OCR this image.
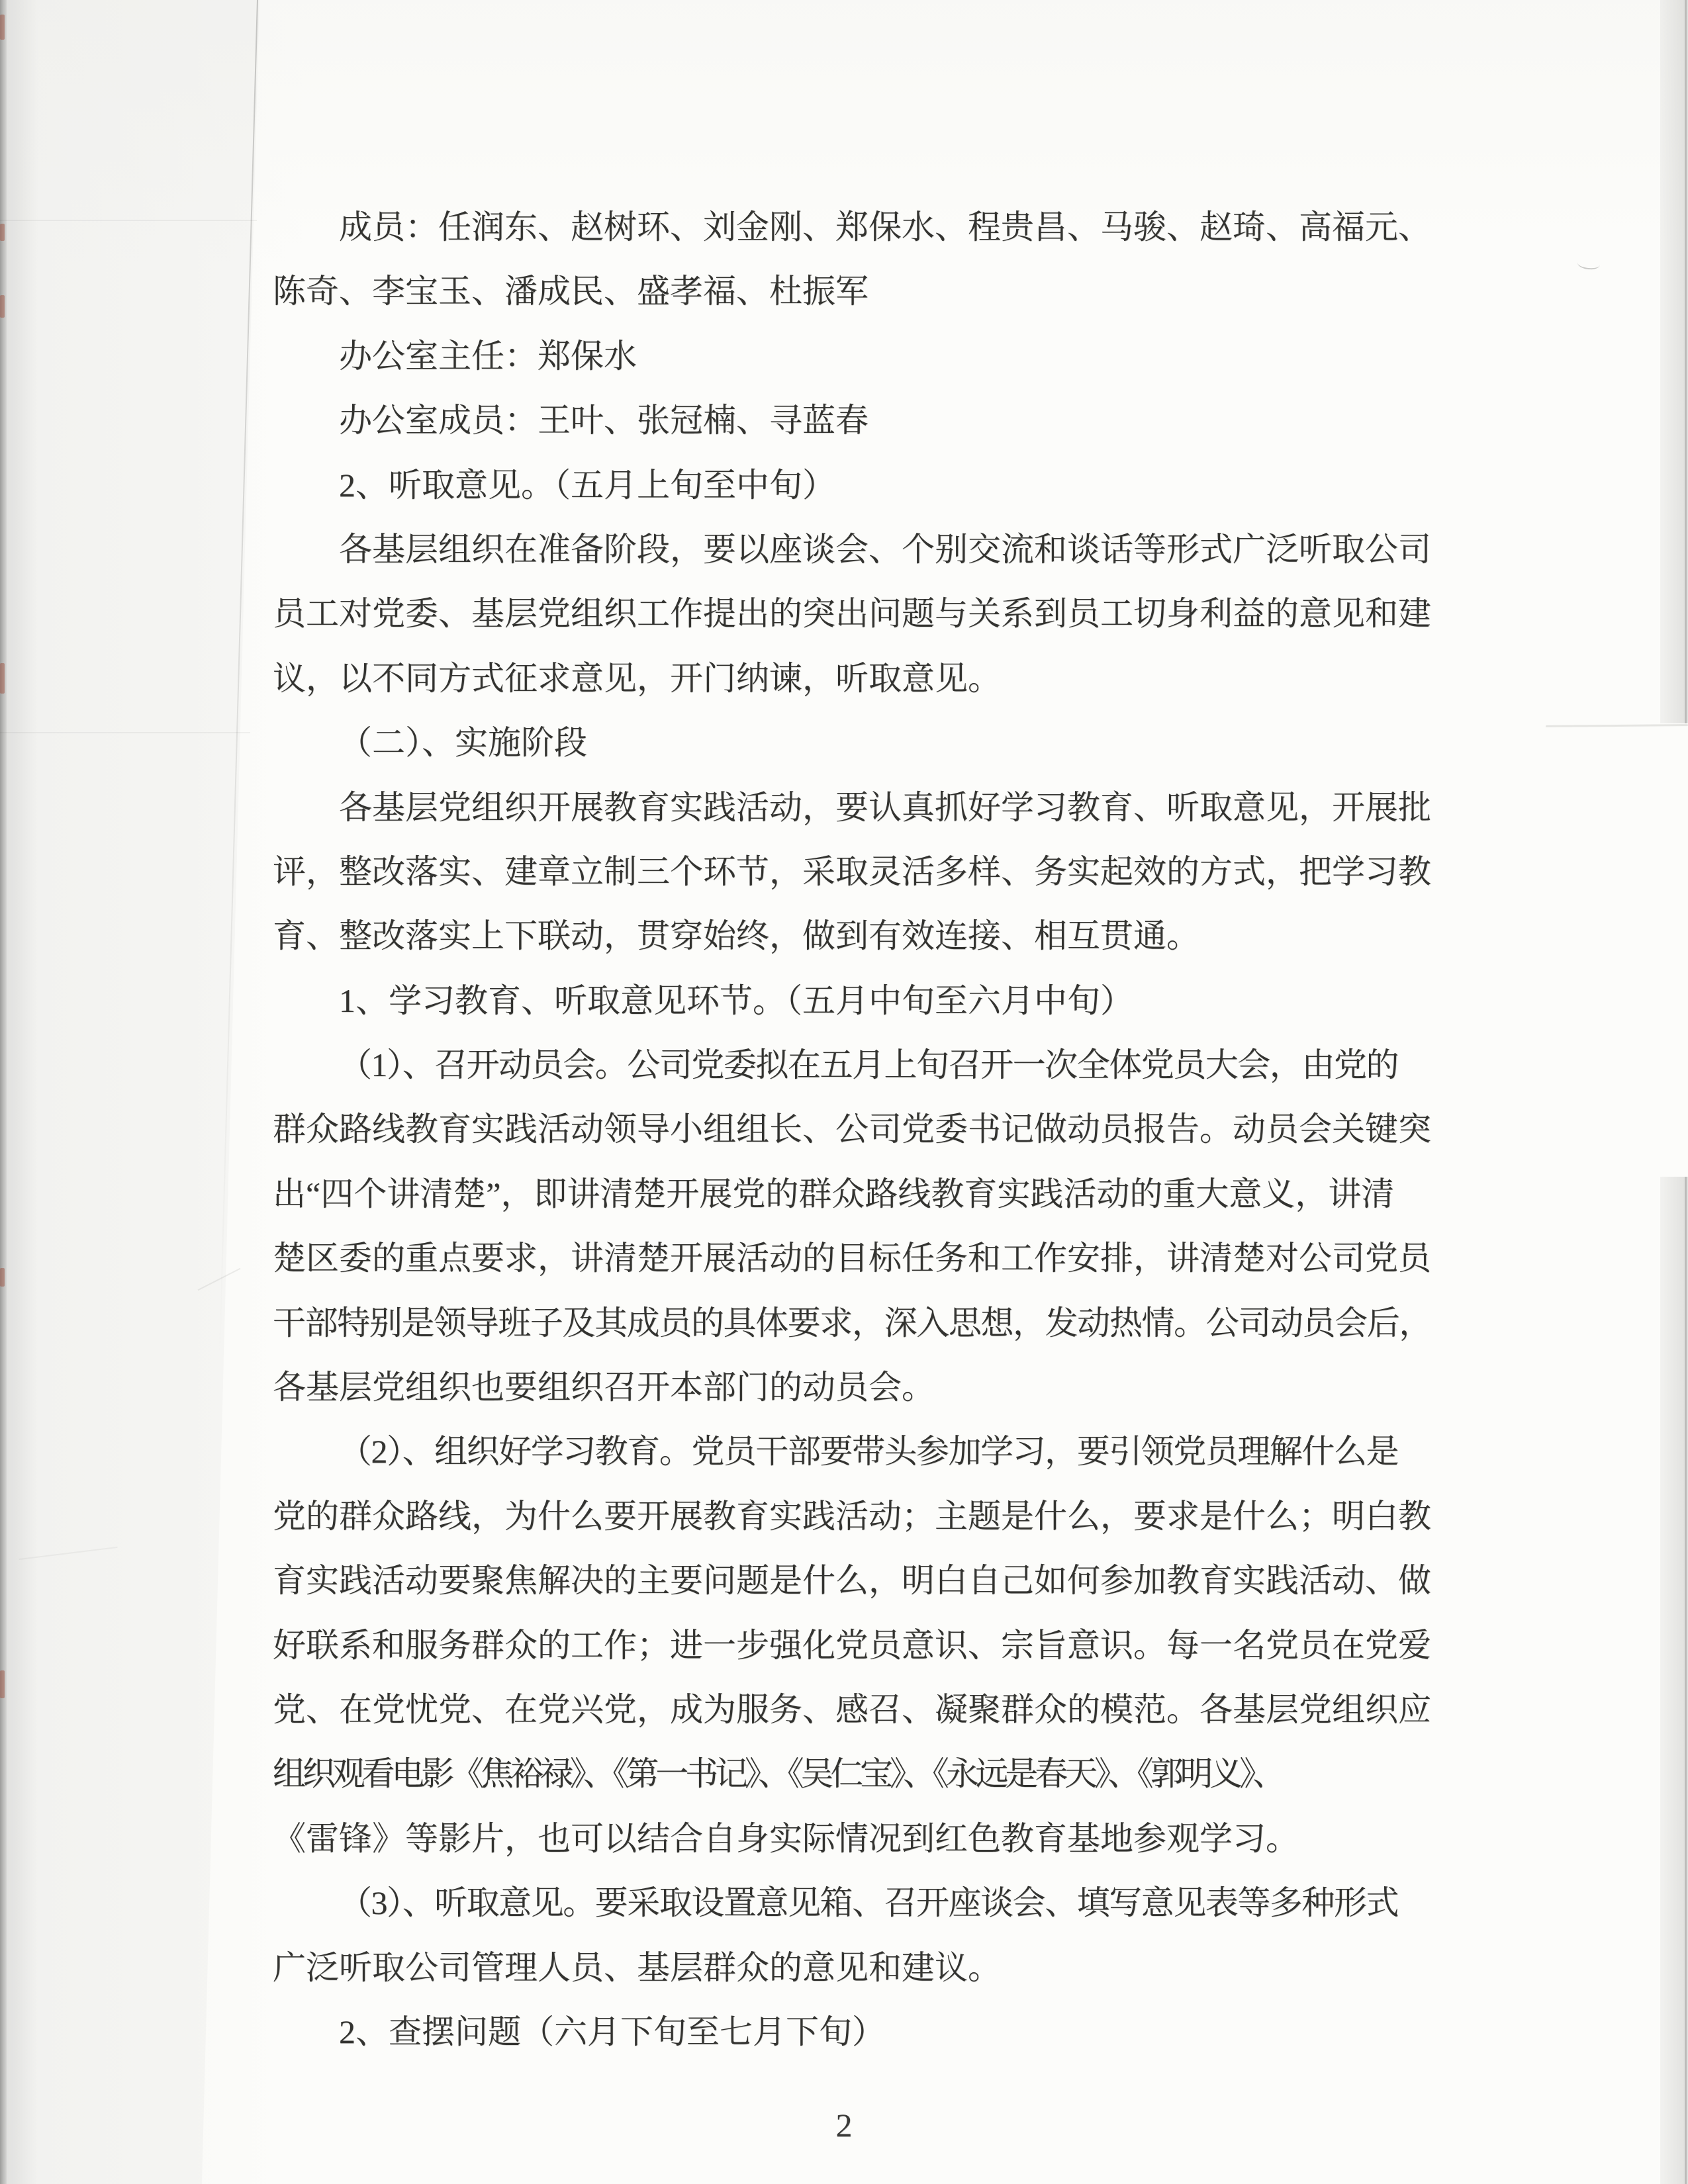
成员：任润东、赵树环、刘金刚、郑保水、程贵昌、马骏、赵琦、高福元、
陈奇、李宝玉、潘成民、盛孝福、杜振军
办公室主任：郑保水
办公室成员：王叶、张冠楠、寻蓝春
2、听取意见。（五月上旬至中旬）
各基层组织在准备阶段，要以座谈会、个别交流和谈话等形式广泛听取公司
员工对党委、基层党组织工作提出的突出问题与关系到员工切身利益的意见和建
议，以不同方式征求意见，开门纳谏，听取意见。
（二）、实施阶段
各基层党组织开展教育实践活动，要认真抓好学习教育、听取意见，开展批
评，整改落实、建章立制三个环节，采取灵活多样、务实起效的方式，把学习教
育、整改落实上下联动，贯穿始终，做到有效连接、相互贯通。
1、学习教育、听取意见环节。（五月中旬至六月中旬）
（1）、召开动员会。公司党委拟在五月上旬召开一次全体党员大会，由党的
群众路线教育实践活动领导小组组长、公司党委书记做动员报告。动员会关键突
出“四个讲清楚”，即讲清楚开展党的群众路线教育实践活动的重大意义，讲清
楚区委的重点要求，讲清楚开展活动的目标任务和工作安排，讲清楚对公司党员
干部特别是领导班子及其成员的具体要求，深入思想，发动热情。公司动员会后，
各基层党组织也要组织召开本部门的动员会。
（2）、组织好学习教育。党员干部要带头参加学习，要引领党员理解什么是
党的群众路线，为什么要开展教育实践活动；主题是什么，要求是什么；明白教
育实践活动要聚焦解决的主要问题是什么，明白自己如何参加教育实践活动、做
好联系和服务群众的工作；进一步强化党员意识、宗旨意识。每一名党员在党爱
党、在党忧党、在党兴党，成为服务、感召、凝聚群众的模范。各基层党组织应
组织观看电影《焦裕禄》、《第一书记》、《吴仁宝》、《永远是春天》、《郭明义》、
《雷锋》等影片，也可以结合自身实际情况到红色教育基地参观学习。
（3）、听取意见。要采取设置意见箱、召开座谈会、填写意见表等多种形式
广泛听取公司管理人员、基层群众的意见和建议。
2、查摆问题（六月下旬至七月下旬）
2
